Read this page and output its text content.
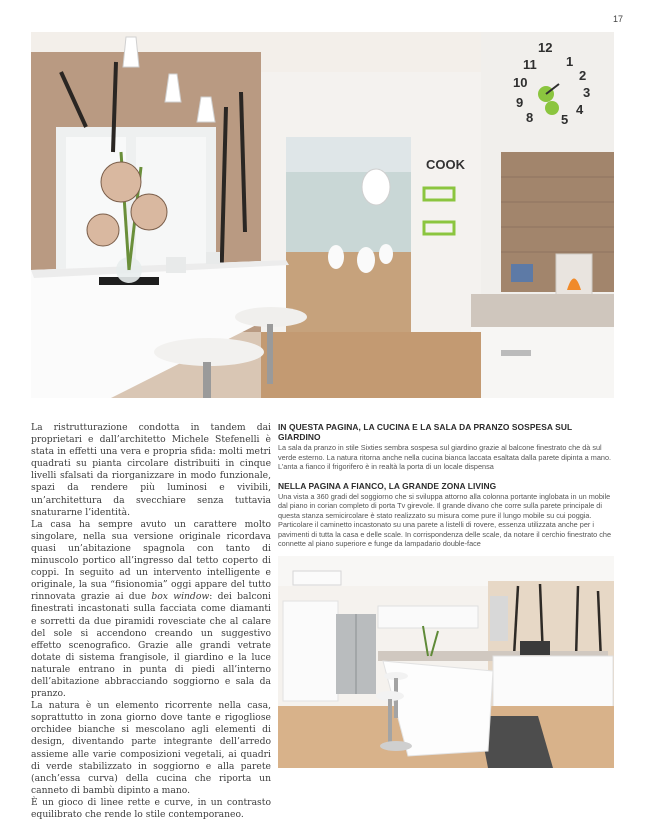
17
COOK
12
1
2
3
4
5
9
10
11
8

La ristrutturazione condotta in tandem dai proprietari e dall’architetto Michele Stefenelli è stata in effetti una vera e propria sfida: molti metri quadrati su pianta circolare distribuiti in cinque livelli sfalsati da riorganizzare in modo funzionale, spazi da rendere più luminosi e vivibili, un’architettura da svecchiare senza tuttavia snaturarne l’identità.

La casa ha sempre avuto un carattere molto singolare, nella sua versione originale ricordava quasi un’abitazione spagnola con tanto di minuscolo portico all’ingresso dal tetto coperto di coppi. In seguito ad un intervento intelligente e originale, la sua “fisionomia” oggi appare del tutto rinnovata grazie ai due box window: dei balconi finestrati incastonati sulla facciata come diamanti e sorretti da due piramidi rovesciate che al calare del sole si accendono creando un suggestivo effetto scenografico. Grazie alle grandi vetrate dotate di sistema frangisole, il giardino e la luce naturale entrano in punta di piedi all’interno dell’abitazione abbracciando soggiorno e sala da pranzo.

La natura è un elemento ricorrente nella casa, soprattutto in zona giorno dove tante e rigogliose orchidee bianche si mescolano agli elementi di design, diventando parte integrante dell’arredo assieme alle varie composizioni vegetali, ai quadri di verde stabilizzato in soggiorno e alla parete (anch’essa curva) della cucina che riporta un canneto di bambù dipinto a mano.

È un gioco di linee rette e curve, in un contrasto equilibrato che rende lo stile contemporaneo.

IN QUESTA PAGINA, LA CUCINA E LA SALA DA PRANZO SOSPESA SUL GIARDINO
La sala da pranzo in stile Sixties sembra sospesa sul giardino grazie al balcone finestrato che dà sul verde esterno. La natura ritorna anche nella cucina bianca laccata esaltata dalla parete dipinta a mano. L’anta a fianco il frigorifero è in realtà la porta di un locale dispensa
NELLA PAGINA A FIANCO, LA GRANDE ZONA LIVING
Una vista a 360 gradi del soggiorno che si sviluppa attorno alla colonna portante inglobata in un mobile dal piano in corian completo di porta Tv girevole. Il grande divano che corre sulla parete principale di questa stanza semicircolare è stato realizzato su misura come pure il lungo mobile su cui poggia. Particolare il caminetto incastonato su una parete a listelli di rovere, essenza utilizzata anche per i pavimenti di tutta la casa e delle scale. In corrispondenza delle scale, da notare il cerchio finestrato che connette al piano superiore e funge da lampadario double-face
